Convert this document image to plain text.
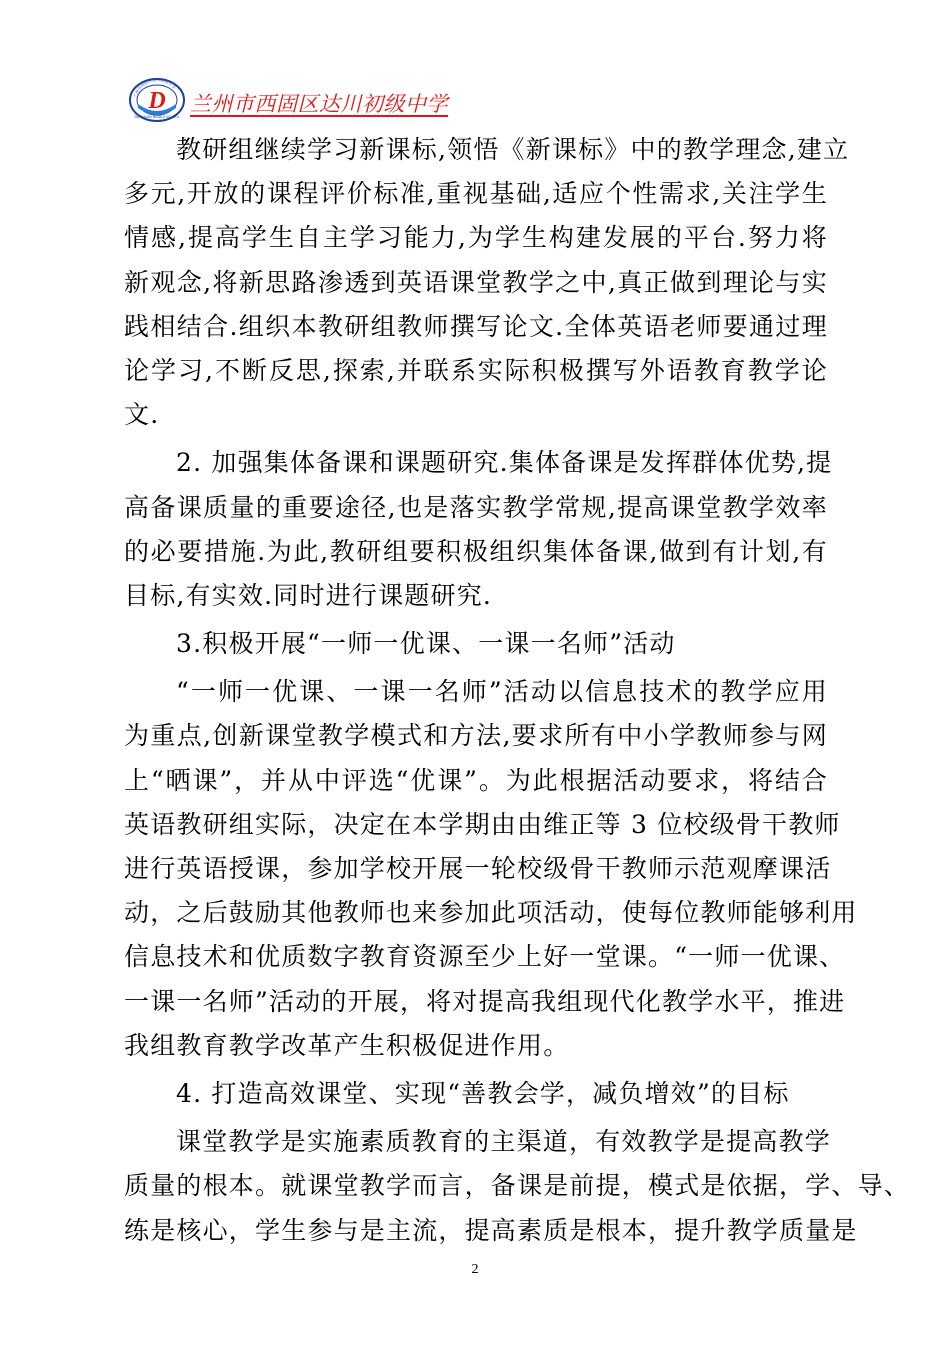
兰州市西固区达川初级中学
D
DA CHUAN MIDDLE SCHOOL
兰州市西固区达川初级中学
教研组继续学习新课标,领悟《新课标》中的教学理念,建立
多元,开放的课程评价标准,重视基础,适应个性需求,关注学生
情感,提高学生自主学习能力,为学生构建发展的平台.努力将
新观念,将新思路渗透到英语课堂教学之中,真正做到理论与实
践相结合.组织本教研组教师撰写论文.全体英语老师要通过理
论学习,不断反思,探索,并联系实际积极撰写外语教育教学论
文.
2. 加强集体备课和课题研究.集体备课是发挥群体优势,提
高备课质量的重要途径,也是落实教学常规,提高课堂教学效率
的必要措施.为此,教研组要积极组织集体备课,做到有计划,有
目标,有实效.同时进行课题研究.
3.积极开展“一师一优课、一课一名师”活动
“一师一优课、一课一名师”活动以信息技术的教学应用
为重点,创新课堂教学模式和方法,要求所有中小学教师参与网
上“晒课”，并从中评选“优课”。为此根据活动要求，将结合
英语教研组实际，决定在本学期由由维正等 3 位校级骨干教师
进行英语授课，参加学校开展一轮校级骨干教师示范观摩课活
动，之后鼓励其他教师也来参加此项活动，使每位教师能够利用
信息技术和优质数字教育资源至少上好一堂课。“一师一优课、
一课一名师”活动的开展，将对提高我组现代化教学水平，推进
我组教育教学改革产生积极促进作用。
4. 打造高效课堂、实现“善教会学，减负增效”的目标
课堂教学是实施素质教育的主渠道，有效教学是提高教学
质量的根本。就课堂教学而言，备课是前提，模式是依据，学、导、
练是核心，学生参与是主流，提高素质是根本，提升教学质量是
2
